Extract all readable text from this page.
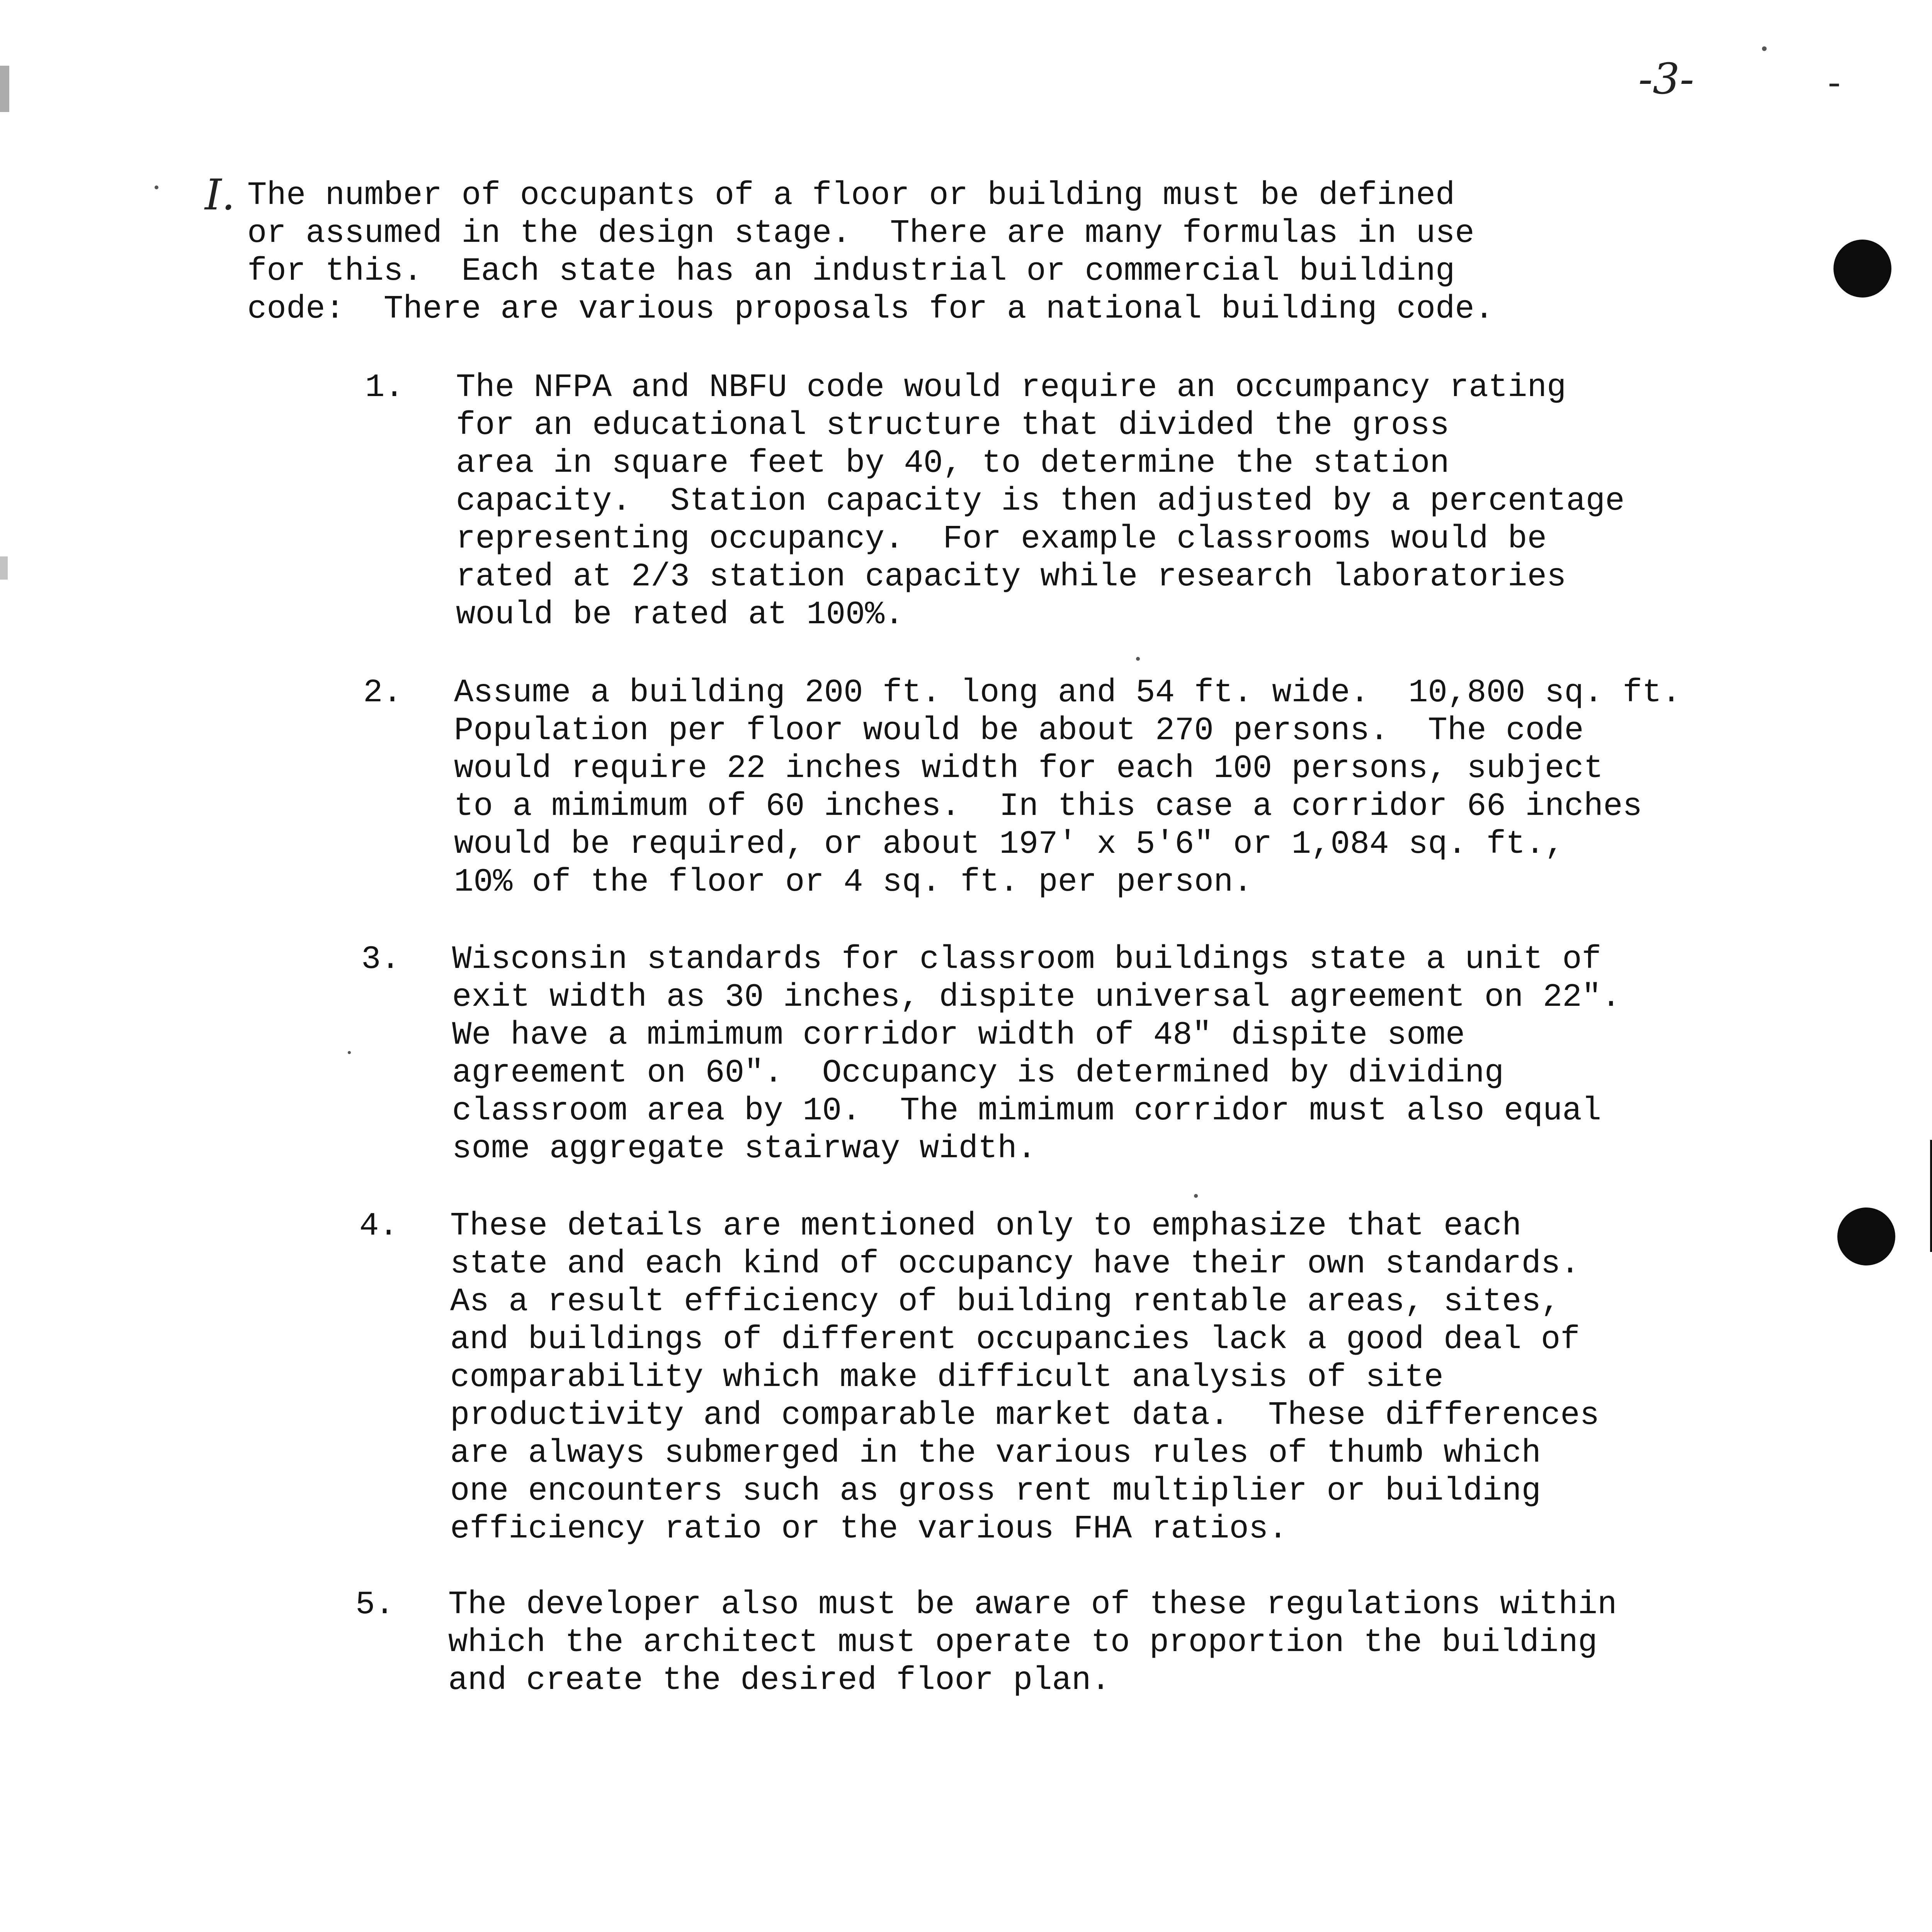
-3-	-
I. The number of occupants of a floor or building must be defined
or assumed in the design stage.  There are many formulas in use
for this.  Each state has an industrial or commercial building
code:  There are various proposals for a national building code.

1. The NFPA and NBFU code would require an occumpancy rating
for an educational structure that divided the gross
area in square feet by 40, to determine the station
capacity.  Station capacity is then adjusted by a percentage
representing occupancy.  For example classrooms would be
rated at 2/3 station capacity while research laboratories
would be rated at 100%.

2. Assume a building 200 ft. long and 54 ft. wide.  10,800 sq. ft.
Population per floor would be about 270 persons.  The code
would require 22 inches width for each 100 persons, subject
to a mimimum of 60 inches.  In this case a corridor 66 inches
would be required, or about 197' x 5'6" or 1,084 sq. ft.,
10% of the floor or 4 sq. ft. per person.

3. Wisconsin standards for classroom buildings state a unit of
exit width as 30 inches, dispite universal agreement on 22".
We have a mimimum corridor width of 48" dispite some
agreement on 60".  Occupancy is determined by dividing
classroom area by 10.  The mimimum corridor must also equal
some aggregate stairway width.

4. These details are mentioned only to emphasize that each
state and each kind of occupancy have their own standards.
As a result efficiency of building rentable areas, sites,
and buildings of different occupancies lack a good deal of
comparability which make difficult analysis of site
productivity and comparable market data.  These differences
are always submerged in the various rules of thumb which
one encounters such as gross rent multiplier or building
efficiency ratio or the various FHA ratios.

5. The developer also must be aware of these regulations within
which the architect must operate to proportion the building
and create the desired floor plan.
